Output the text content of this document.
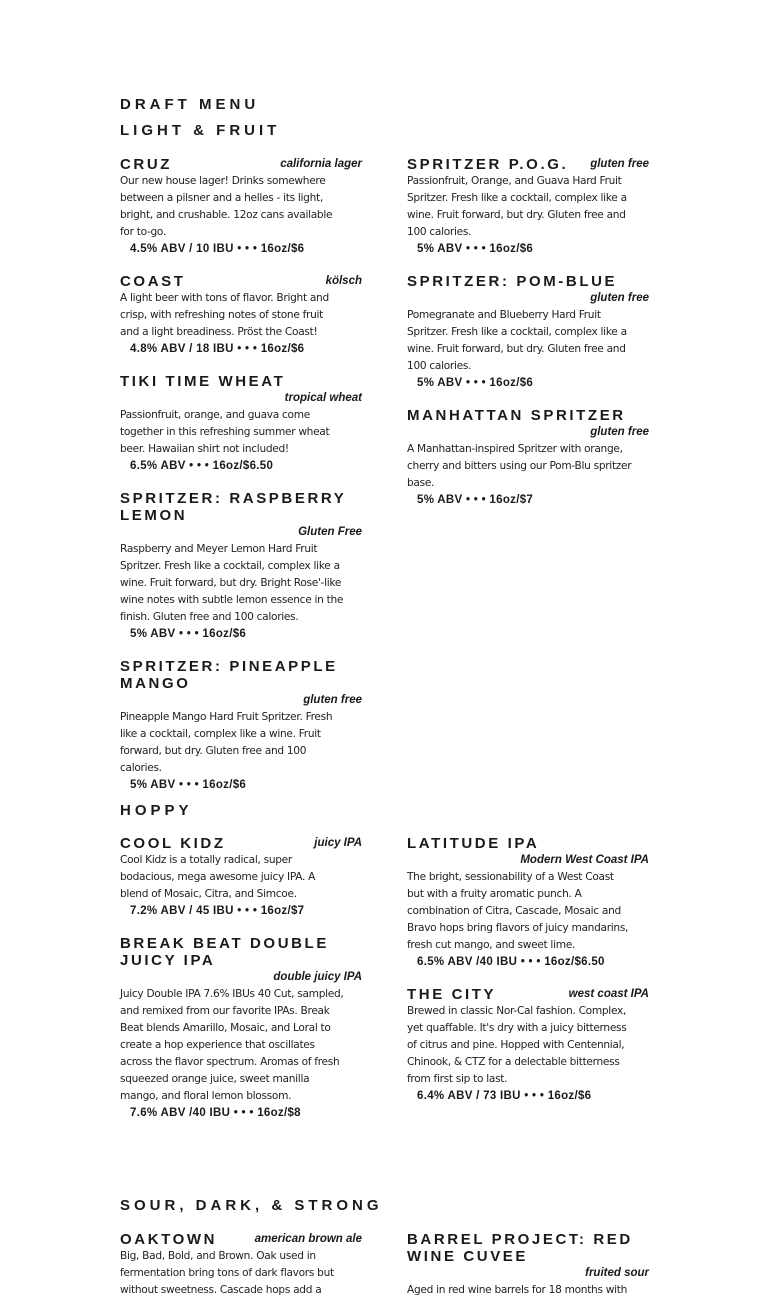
DRAFT MENU
LIGHT & FRUIT
CRUZ	california lager
Our new house lager! Drinks somewhere between a pilsner and a helles - its light, bright, and crushable. 12oz cans available for to-go.
4.5% ABV / 10 IBU • • • 16oz/$6
COAST	kölsch
A light beer with tons of flavor. Bright and crisp, with refreshing notes of stone fruit and a light breadiness. Pröst the Coast!
4.8% ABV / 18 IBU • • • 16oz/$6
TIKI TIME WHEAT
tropical wheat
Passionfruit, orange, and guava come together in this refreshing summer wheat beer. Hawaiian shirt not included!
6.5% ABV • • • 16oz/$6.50
SPRITZER: RASPBERRY LEMON
Gluten Free
Raspberry and Meyer Lemon Hard Fruit Spritzer. Fresh like a cocktail, complex like a wine. Fruit forward, but dry. Bright Rose'-like wine notes with subtle lemon essence in the finish. Gluten free and 100 calories.
5% ABV • • • 16oz/$6
SPRITZER: PINEAPPLE MANGO
gluten free
Pineapple Mango Hard Fruit Spritzer. Fresh like a cocktail, complex like a wine. Fruit forward, but dry. Gluten free and 100 calories.
5% ABV • • • 16oz/$6
SPRITZER P.O.G.	gluten free
Passionfruit, Orange, and Guava Hard Fruit Spritzer. Fresh like a cocktail, complex like a wine. Fruit forward, but dry. Gluten free and 100 calories.
5% ABV • • • 16oz/$6
SPRITZER: POM-BLUE
gluten free
Pomegranate and Blueberry Hard Fruit Spritzer. Fresh like a cocktail, complex like a wine. Fruit forward, but dry. Gluten free and 100 calories.
5% ABV • • • 16oz/$6
MANHATTAN SPRITZER
gluten free
A Manhattan-inspired Spritzer with orange, cherry and bitters using our Pom-Blu spritzer base.
5% ABV • • • 16oz/$7
HOPPY
COOL KIDZ	juicy IPA
Cool Kidz is a totally radical, super bodacious, mega awesome juicy IPA. A blend of Mosaic, Citra, and Simcoe.
7.2% ABV / 45 IBU • • • 16oz/$7
BREAK BEAT DOUBLE JUICY IPA
double juicy IPA
Juicy Double IPA 7.6% IBUs 40 Cut, sampled, and remixed from our favorite IPAs. Break Beat blends Amarillo, Mosaic, and Loral to create a hop experience that oscillates across the flavor spectrum. Aromas of fresh squeezed orange juice, sweet manilla mango, and floral lemon blossom.
7.6% ABV /40 IBU • • • 16oz/$8
LATITUDE IPA
Modern West Coast IPA
The bright, sessionability of a West Coast but with a fruity aromatic punch. A combination of Citra, Cascade, Mosaic and Bravo hops bring flavors of juicy mandarins, fresh cut mango, and sweet lime.
6.5% ABV /40 IBU • • • 16oz/$6.50
THE CITY	west coast IPA
Brewed in classic Nor-Cal fashion. Complex, yet quaffable. It's dry with a juicy bitterness of citrus and pine. Hopped with Centennial, Chinook, & CTZ for a delectable bitterness from first sip to last.
6.4% ABV / 73 IBU • • • 16oz/$6
SOUR, DARK, & STRONG
OAKTOWN	american brown ale
Big, Bad, Bold, and Brown. Oak used in fermentation bring tons of dark flavors but without sweetness. Cascade hops add a
BARREL PROJECT: RED WINE CUVEE
fruited sour
Aged in red wine barrels for 18 months with
